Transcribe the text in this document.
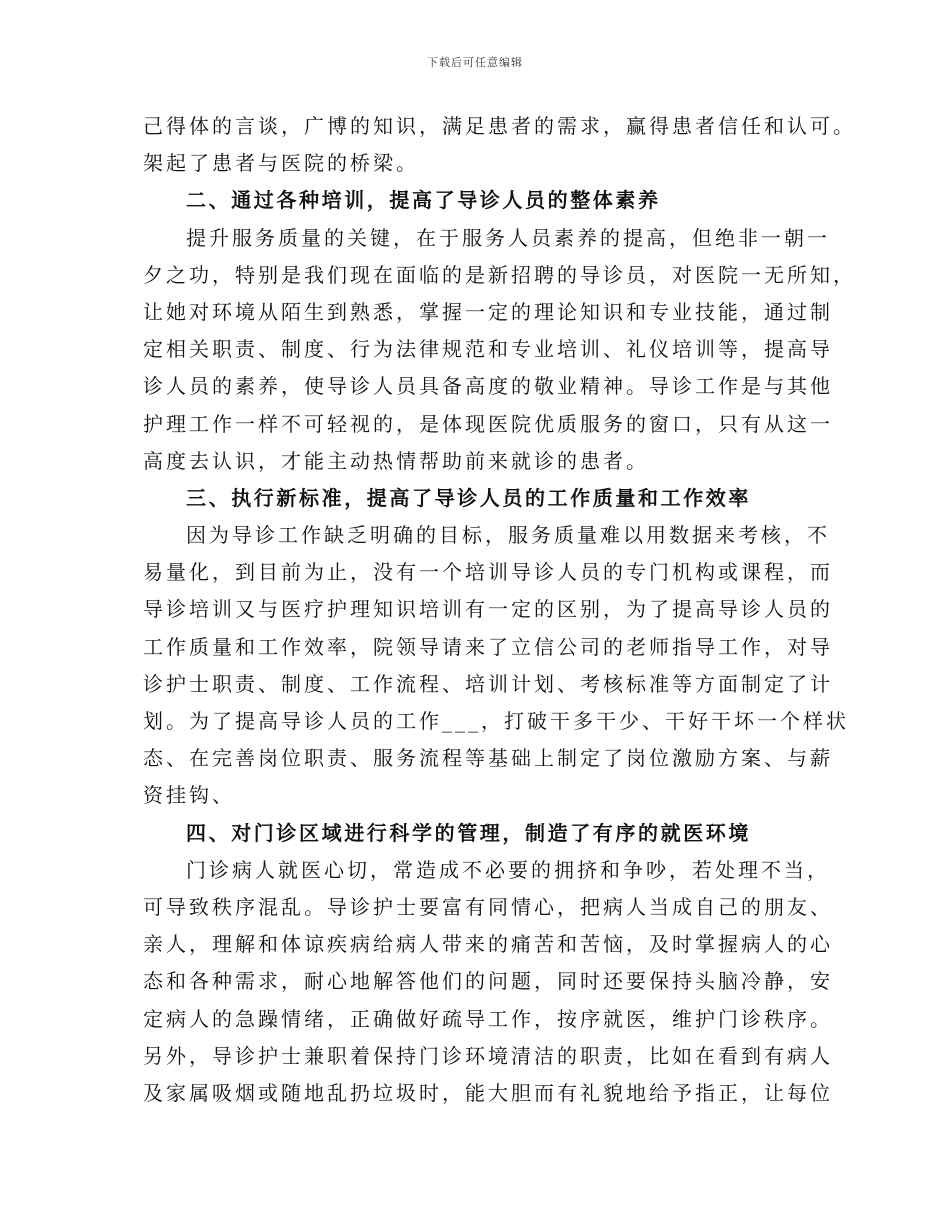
下载后可任意编辑
己得体的言谈，广博的知识，满足患者的需求，赢得患者信任和认可。
架起了患者与医院的桥梁。
二、通过各种培训，提高了导诊人员的整体素养
提升服务质量的关键，在于服务人员素养的提高，但绝非一朝一
夕之功，特别是我们现在面临的是新招聘的导诊员，对医院一无所知，
让她对环境从陌生到熟悉，掌握一定的理论知识和专业技能，通过制
定相关职责、制度、行为法律规范和专业培训、礼仪培训等，提高导
诊人员的素养，使导诊人员具备高度的敬业精神。导诊工作是与其他
护理工作一样不可轻视的，是体现医院优质服务的窗口，只有从这一
高度去认识，才能主动热情帮助前来就诊的患者。
三、执行新标准，提高了导诊人员的工作质量和工作效率
因为导诊工作缺乏明确的目标，服务质量难以用数据来考核，不
易量化，到目前为止，没有一个培训导诊人员的专门机构或课程，而
导诊培训又与医疗护理知识培训有一定的区别，为了提高导诊人员的
工作质量和工作效率，院领导请来了立信公司的老师指导工作，对导
诊护士职责、制度、工作流程、培训计划、考核标准等方面制定了计
划。为了提高导诊人员的工作___，打破干多干少、干好干坏一个样状
态、在完善岗位职责、服务流程等基础上制定了岗位激励方案、与薪
资挂钩、
四、对门诊区域进行科学的管理，制造了有序的就医环境
门诊病人就医心切，常造成不必要的拥挤和争吵，若处理不当，
可导致秩序混乱。导诊护士要富有同情心，把病人当成自己的朋友、
亲人，理解和体谅疾病给病人带来的痛苦和苦恼，及时掌握病人的心
态和各种需求，耐心地解答他们的问题，同时还要保持头脑冷静，安
定病人的急躁情绪，正确做好疏导工作，按序就医，维护门诊秩序。
另外，导诊护士兼职着保持门诊环境清洁的职责，比如在看到有病人
及家属吸烟或随地乱扔垃圾时，能大胆而有礼貌地给予指正，让每位
